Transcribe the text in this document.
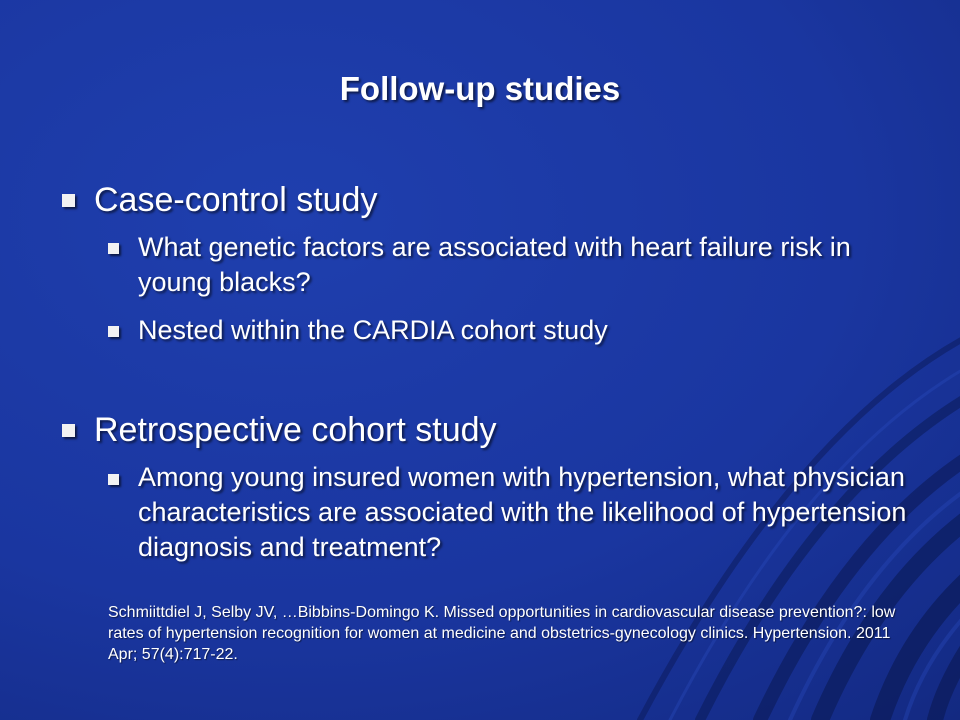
Follow-up studies

Case-control study

What genetic factors are associated with heart failure risk in young blacks?

Nested within the CARDIA cohort study

Retrospective cohort study

Among young insured women with hypertension, what physician characteristics are associated with the likelihood of hypertension diagnosis and treatment?

Schmiittdiel J, Selby JV, …Bibbins-Domingo K. Missed opportunities in cardiovascular disease prevention?: low rates of hypertension recognition for women at medicine and obstetrics-gynecology clinics. Hypertension. 2011 Apr; 57(4):717-22.
